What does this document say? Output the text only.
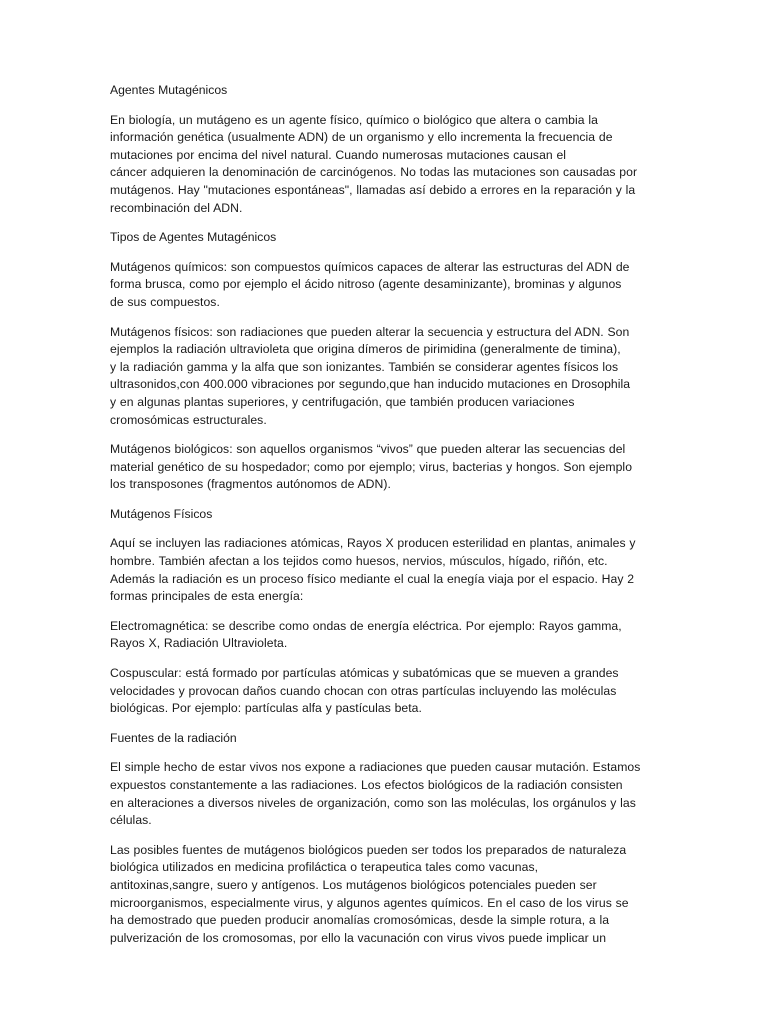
Agentes Mutagénicos

En biología, un mutágeno es un agente físico, químico o biológico que altera o cambia la
información genética (usualmente ADN) de un organismo y ello incrementa la frecuencia de
mutaciones por encima del nivel natural. Cuando numerosas mutaciones causan el
cáncer adquieren la denominación de carcinógenos. No todas las mutaciones son causadas por
mutágenos. Hay "mutaciones espontáneas", llamadas así debido a errores en la reparación y la
recombinación del ADN.

Tipos de Agentes Mutagénicos

Mutágenos químicos: son compuestos químicos capaces de alterar las estructuras del ADN de
forma brusca, como por ejemplo el ácido nitroso (agente desaminizante), brominas y algunos
de sus compuestos.

Mutágenos físicos: son radiaciones que pueden alterar la secuencia y estructura del ADN. Son
ejemplos la radiación ultravioleta que origina dímeros de pirimidina (generalmente de timina),
y la radiación gamma y la alfa que son ionizantes. También se considerar agentes físicos los
ultrasonidos,con 400.000 vibraciones por segundo,que han inducido mutaciones en Drosophila
y en algunas plantas superiores, y centrifugación, que también producen variaciones
cromosómicas estructurales.

Mutágenos biológicos: son aquellos organismos “vivos” que pueden alterar las secuencias del
material genético de su hospedador; como por ejemplo; virus, bacterias y hongos. Son ejemplo
los transposones (fragmentos autónomos de ADN).

Mutágenos Físicos

Aquí se incluyen las radiaciones atómicas, Rayos X producen esterilidad en plantas, animales y
hombre. También afectan a los tejidos como huesos, nervios, músculos, hígado, riñón, etc.
Además la radiación es un proceso físico mediante el cual la enegía viaja por el espacio. Hay 2
formas principales de esta energía:

Electromagnética: se describe como ondas de energía eléctrica. Por ejemplo: Rayos gamma,
Rayos X, Radiación Ultravioleta.

Cospuscular: está formado por partículas atómicas y subatómicas que se mueven a grandes
velocidades y provocan daños cuando chocan con otras partículas incluyendo las moléculas
biológicas. Por ejemplo: partículas alfa y pastículas beta.

Fuentes de la radiación

El simple hecho de estar vivos nos expone a radiaciones que pueden causar mutación. Estamos
expuestos constantemente a las radiaciones. Los efectos biológicos de la radiación consisten
en alteraciones a diversos niveles de organización, como son las moléculas, los orgánulos y las
células.

Las posibles fuentes de mutágenos biológicos pueden ser todos los preparados de naturaleza
biológica utilizados en medicina profiláctica o terapeutica tales como vacunas,
antitoxinas,sangre, suero y antígenos. Los mutágenos biológicos potenciales pueden ser
microorganismos, especialmente virus, y algunos agentes químicos. En el caso de los virus se
ha demostrado que pueden producir anomalías cromosómicas, desde la simple rotura, a la
pulverización de los cromosomas, por ello la vacunación con virus vivos puede implicar un
